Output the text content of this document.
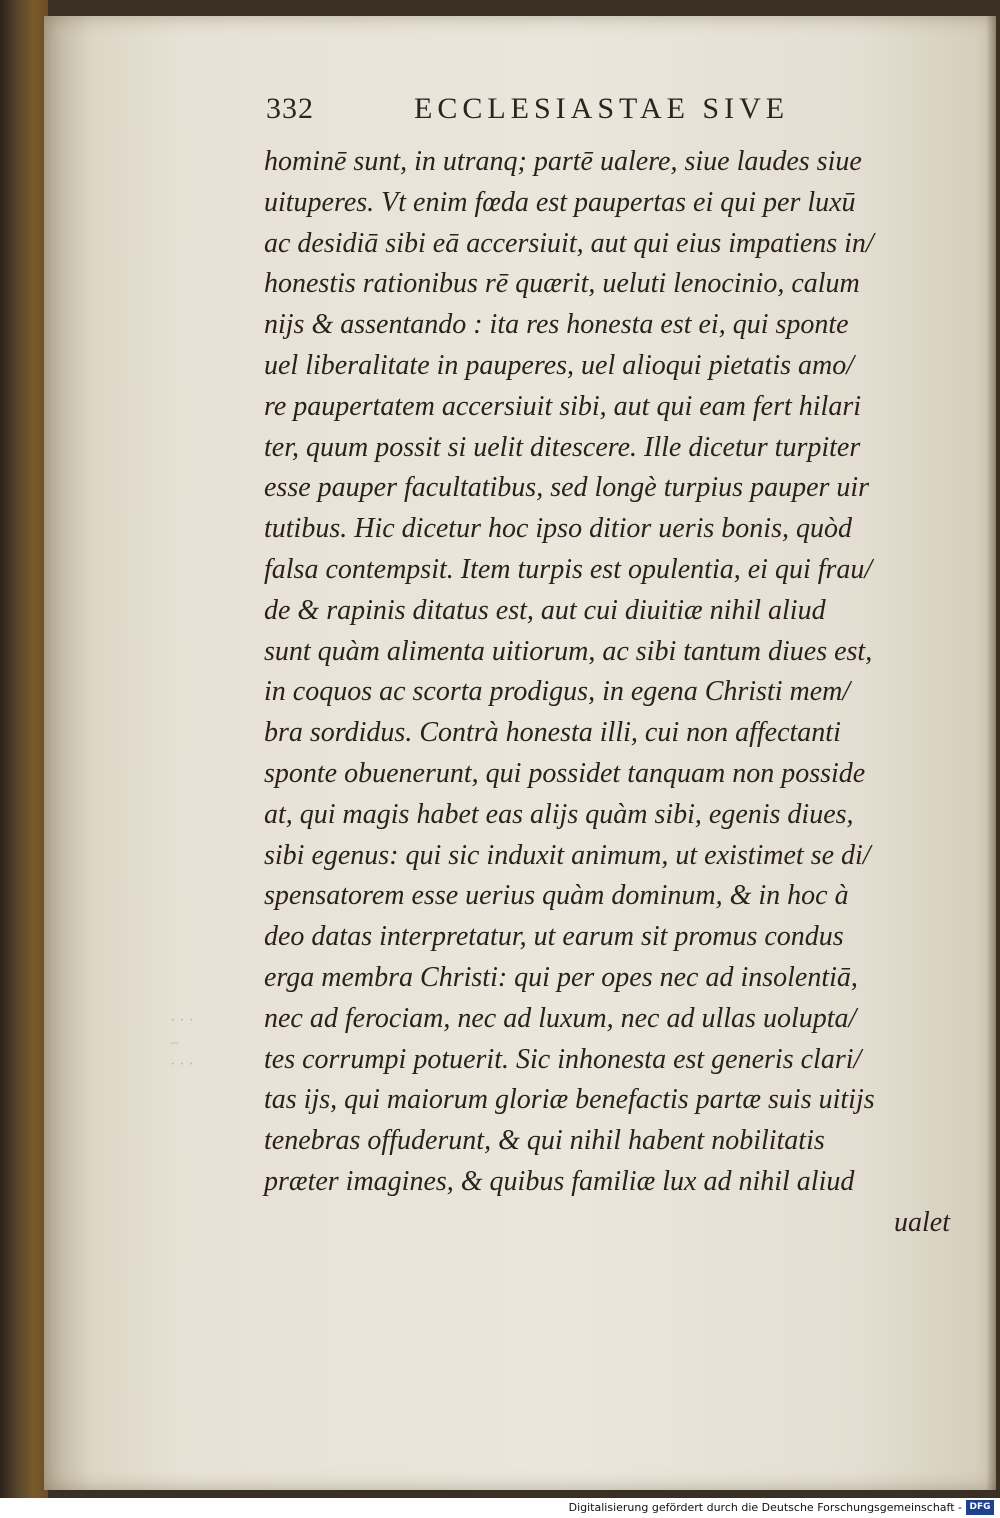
332	ECCLESIASTAE SIVE
hominē sunt, in utranq; partē ualere, siue laudes siue
uituperes. Vt enim fœda est paupertas ei qui per luxū
ac desidiā sibi eā accersiuit, aut qui eius impatiens in/
honestis rationibus rē quærit, ueluti lenocinio, calum
nijs & assentando : ita res honesta est ei, qui sponte
uel liberalitate in pauperes, uel alioqui pietatis amo/
re paupertatem accersiuit sibi, aut qui eam fert hilari
ter, quum possit si uelit ditescere. Ille dicetur turpiter
esse pauper facultatibus, sed longè turpius pauper uir
tutibus. Hic dicetur hoc ipso ditior ueris bonis, quòd
falsa contempsit. Item turpis est opulentia, ei qui frau/
de & rapinis ditatus est, aut cui diuitiæ nihil aliud
sunt quàm alimenta uitiorum, ac sibi tantum diues est,
in coquos ac scorta prodigus, in egena Christi mem/
bra sordidus. Contrà honesta illi, cui non affectanti
sponte obuenerunt, qui possidet tanquam non posside
at, qui magis habet eas alijs quàm sibi, egenis diues,
sibi egenus: qui sic induxit animum, ut existimet se di/
spensatorem esse uerius quàm dominum, & in hoc à
deo datas interpretatur, ut earum sit promus condus
erga membra Christi: qui per opes nec ad insolentiā,
nec ad ferociam, nec ad luxum, nec ad ullas uolupta/
tes corrumpi potuerit. Sic inhonesta est generis clari/
tas ijs, qui maiorum gloriæ benefactis partæ suis uitijs
tenebras offuderunt, & qui nihil habent nobilitatis
præter imagines, & quibus familiæ lux ad nihil aliud
ualet
· · ·
–
· · ·
Digitalisierung gefördert durch die Deutsche Forschungsgemeinschaft - DFG
